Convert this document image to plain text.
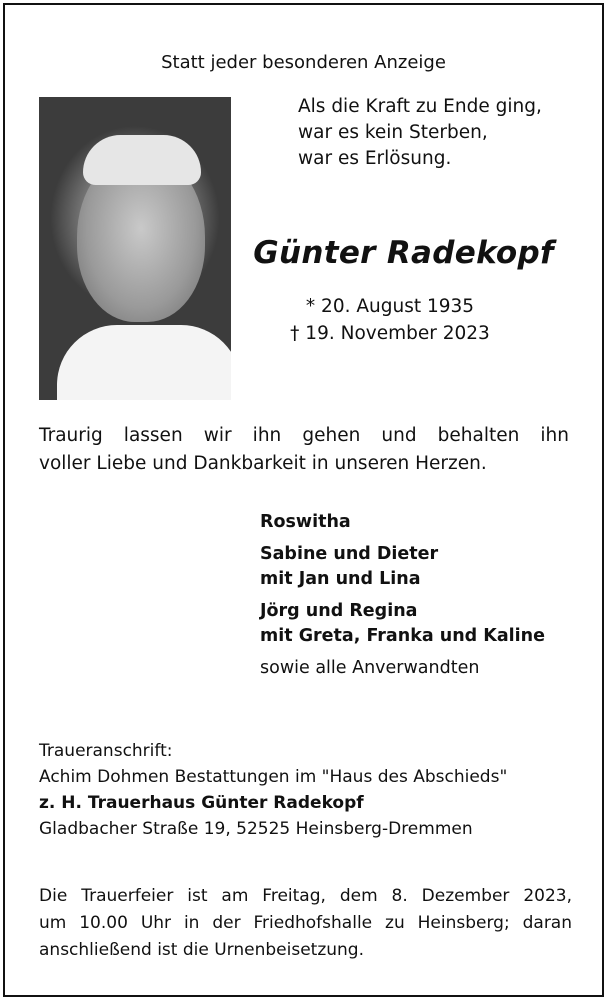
Statt jeder besonderen Anzeige
Als die Kraft zu Ende ging,
war es kein Sterben,
war es Erlösung.
Günter Radekopf
* 20. August 1935
† 19. November 2023
Traurig lassen wir ihn gehen und behalten ihn
voller Liebe und Dankbarkeit in unseren Herzen.
Roswitha
Sabine und Dieter
mit Jan und Lina
Jörg und Regina
mit Greta, Franka und Kaline
sowie alle Anverwandten
Traueranschrift:
Achim Dohmen Bestattungen im "Haus des Abschieds"
z. H. Trauerhaus Günter Radekopf
Gladbacher Straße 19, 52525 Heinsberg-Dremmen
Die Trauerfeier ist am Freitag, dem 8. Dezember 2023,
um 10.00 Uhr in der Friedhofshalle zu Heinsberg; daran
anschließend ist die Urnenbeisetzung.
